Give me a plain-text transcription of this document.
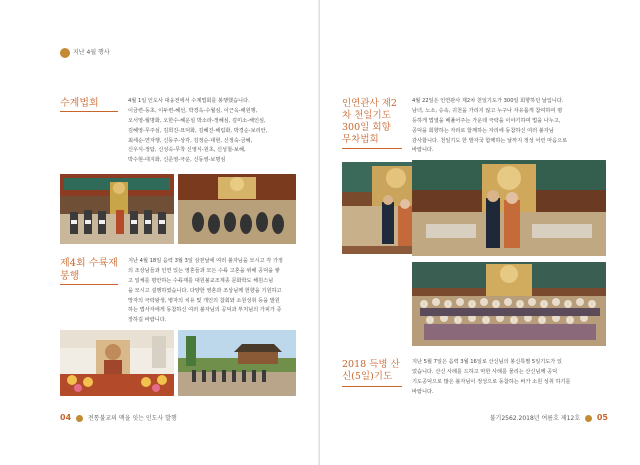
지난 4월 행사
수계법회	4월 1일 인도사 대웅전에서 수계법회를 봉행했습니다.
이금련-동초, 이두련-혜선, 박경옥-수월심, 이근옥-해원행,
오서영-월명화, 오한수-혜운심 박소라-정혜심, 김미소-해인심,
김혜영-무주심, 김희진-묘덕화, 김혜진-해림화, 박경순-보리안,
최세순-연자행, 신동주-상각, 김정순-대현, 신정숙-금혜,
신우식-정탐, 신성숙-무착 신영식-원초, 신성철-보혜,
박수현-대지화, 신준영-극운, 신동영-보명심
제4회 수륙재 봉행
지난 4월 18일 음력 3월 3일 삼짇날에 여러 불자님을 모시고 각 가정
의 조상님들과 인연 있는 영혼들과 모든 수륙 고혼을 위해 공덕을 쌓
고 일체를 평안하는 수륙재를 대원불교조계종 문화학도 해원스님
을 모시고 설행하였습니다. 다양한 영혼과 조상님께 헌향을 기원하고
망자의 극락왕생, 병자의 치유 및 개인의 참회와 소원성취 등을 발원
하는 법사자에게 동참하신 여러 불자님의 공덕과 부처님의 가피가 증
장하길 바랍니다.
04	전통불교의 맥을 잇는 인도사 발행
인연관사 제2차 천일기도 300일 회향 무차법회
4월 22일은 인연관사 제2차 천일기도가 300일 회향하던 날입니다.
남녀, 노소, 승속, 귀천을 가리지 않고 누구나 자유롭게 참여하여 평
등하게 법열을 베풀어주는 가운데 극락을 이야기하며 법을 나누고,
공덕을 회향하는 자리로 함께하는 자리에 동참하신 여러 불자님
감사합니다. 천일기도 한 발자국 함께하는 날까지 정성 어린 마음으로
바랍니다.
2018 득병 산신(5일)기도
지난 5월 7일은 음력 3월 16일로 산신님의 봉신특별 5일기도가 있
었습니다. 산신 사례를 드하고 악한 사례를 물리는 산신님께 공덕
기도공덕으로 많은 불자님이 정성으로 동참하는 바가 소원 성취 하기를
바랍니다.
불기2562.2018년 여름호 제12호 05
